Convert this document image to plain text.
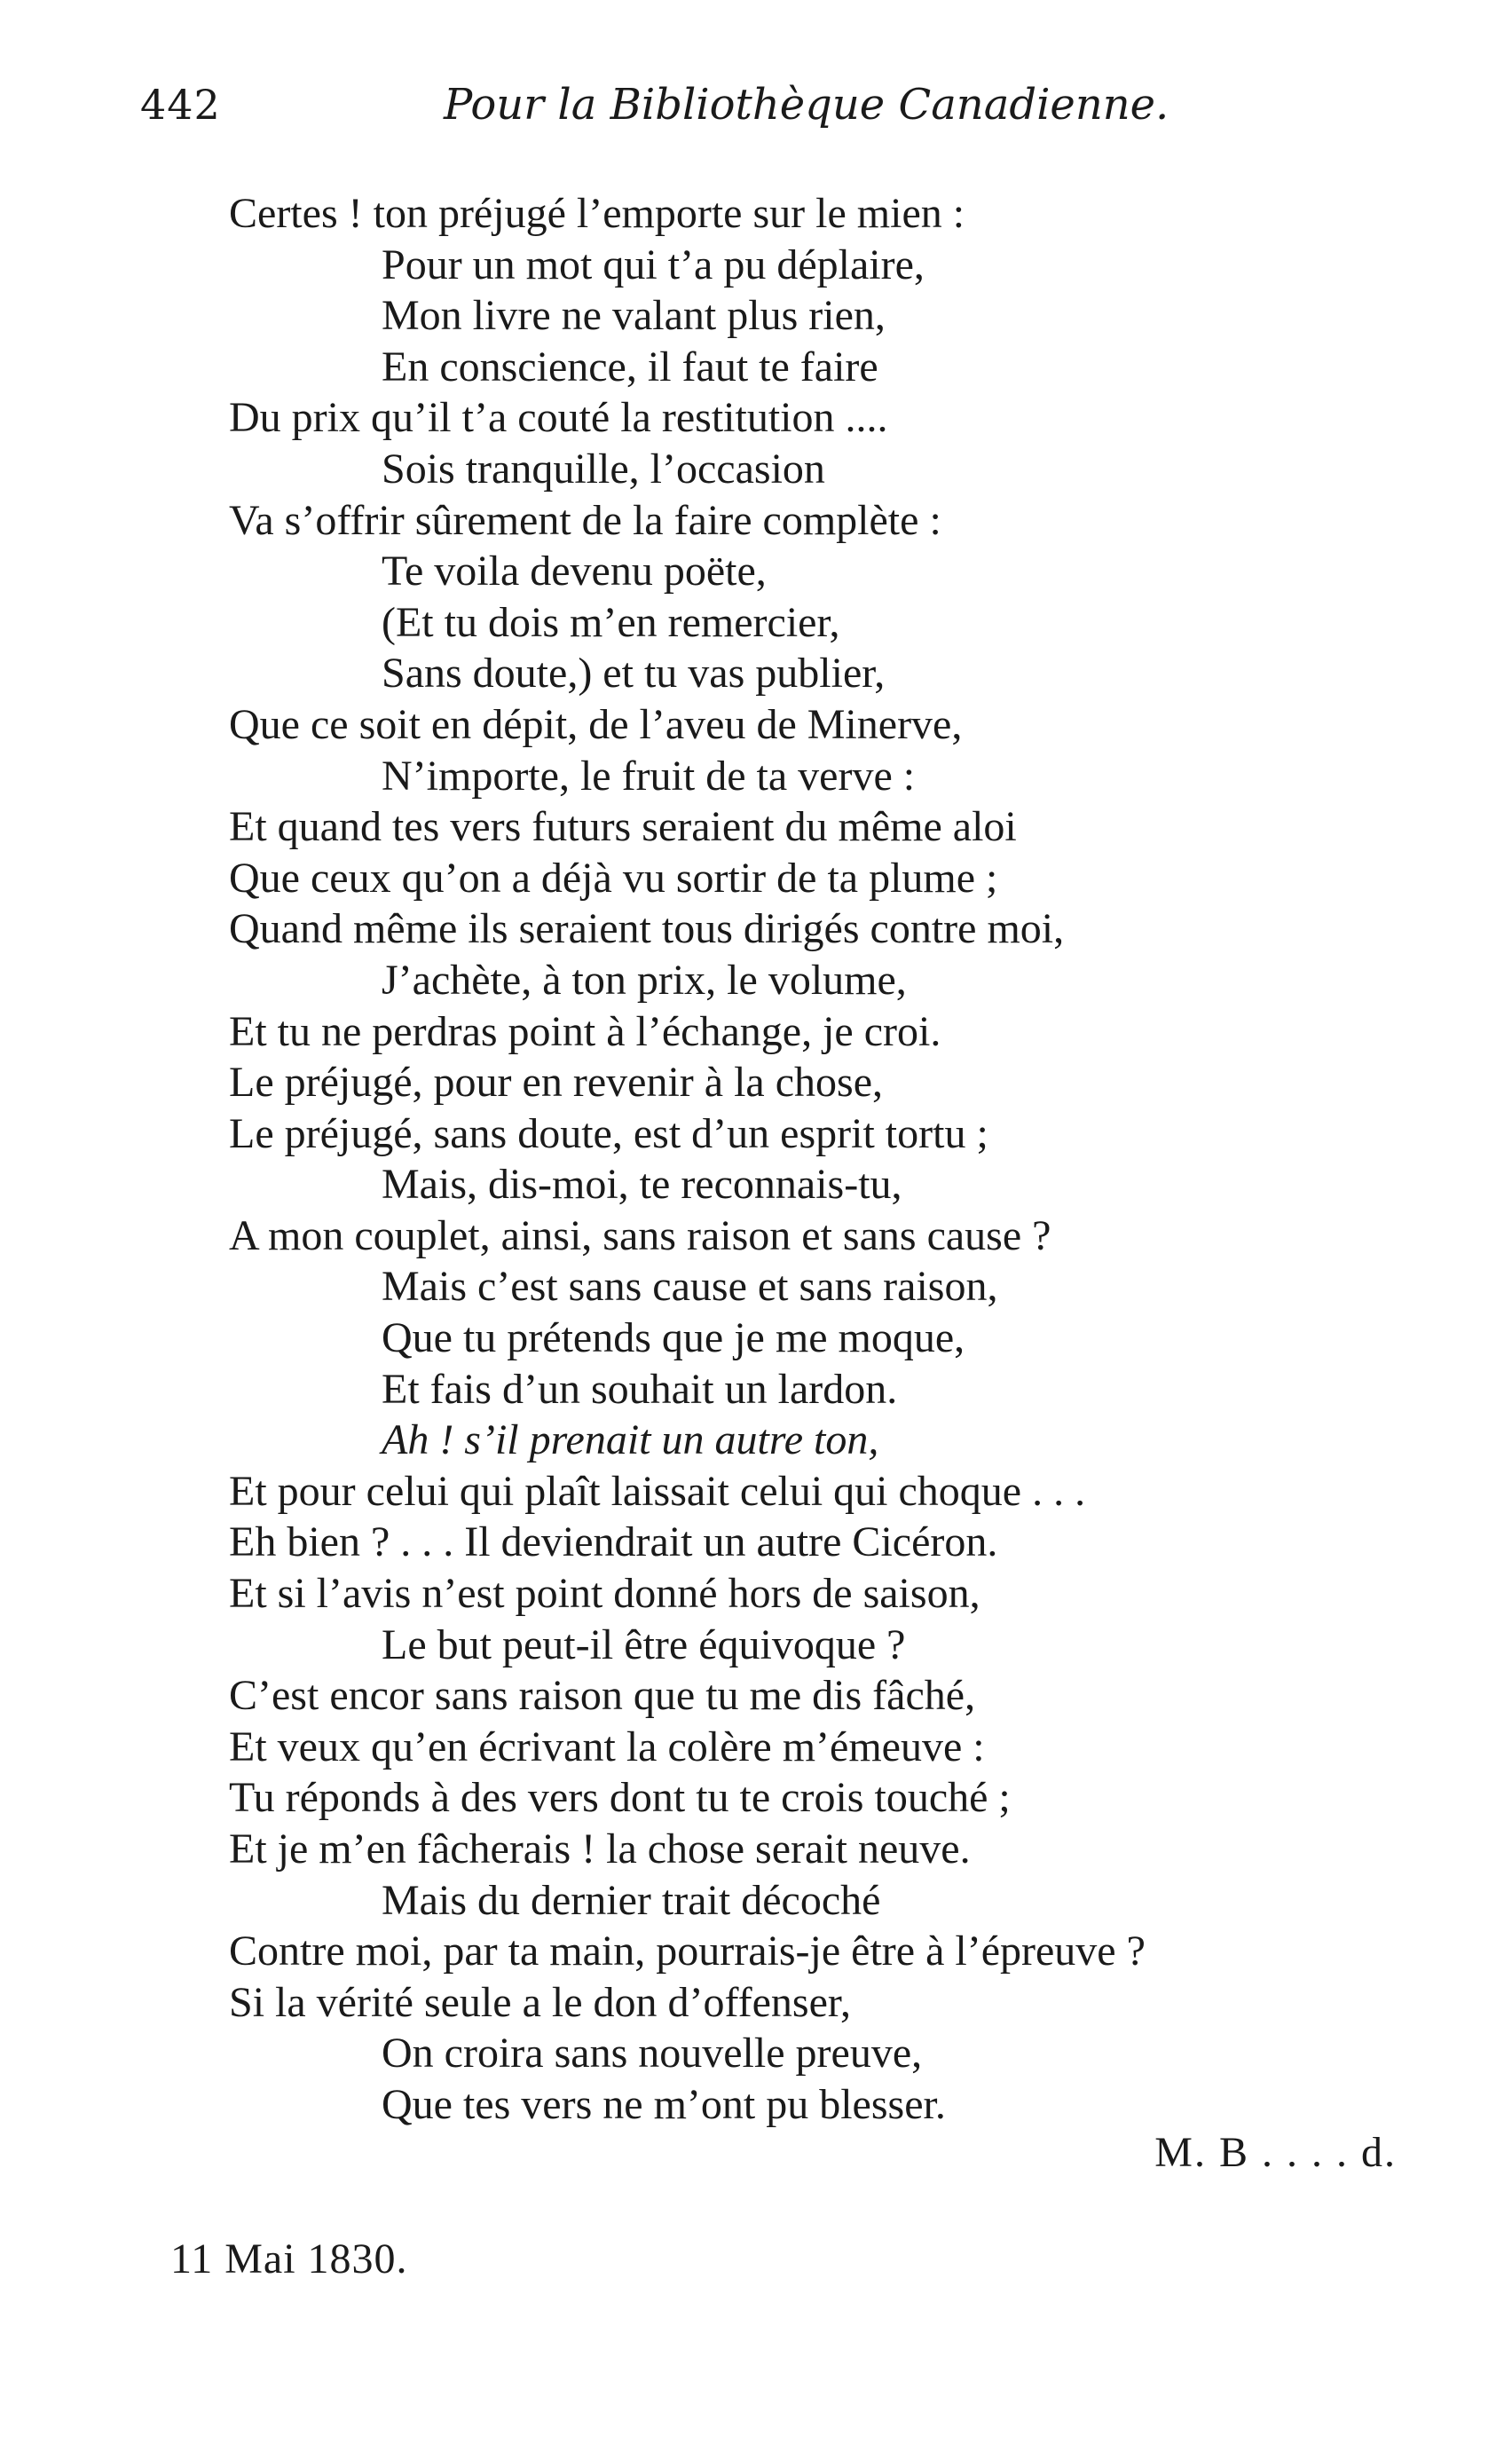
442	Pour la Bibliothèque Canadienne.
Certes ! ton préjugé l’emporte sur le mien :
Pour un mot qui t’a pu déplaire,
Mon livre ne valant plus rien,
En conscience, il faut te faire
Du prix qu’il t’a couté la restitution ....
Sois tranquille, l’occasion
Va s’offrir sûrement de la faire complète :
Te voila devenu poëte,
(Et tu dois m’en remercier,
Sans doute,) et tu vas publier,
Que ce soit en dépit, de l’aveu de Minerve,
N’importe, le fruit de ta verve :
Et quand tes vers futurs seraient du même aloi
Que ceux qu’on a déjà vu sortir de ta plume ;
Quand même ils seraient tous dirigés contre moi,
J’achète, à ton prix, le volume,
Et tu ne perdras point à l’échange, je croi.
Le préjugé, pour en revenir à la chose,
Le préjugé, sans doute, est d’un esprit tortu ;
Mais, dis-moi, te reconnais-tu,
A mon couplet, ainsi, sans raison et sans cause ?
Mais c’est sans cause et sans raison,
Que tu prétends que je me moque,
Et fais d’un souhait un lardon.
Ah ! s’il prenait un autre ton,
Et pour celui qui plaît laissait celui qui choque . . .
Eh bien ? . . . Il deviendrait un autre Cicéron.
Et si l’avis n’est point donné hors de saison,
Le but peut-il être équivoque ?
C’est encor sans raison que tu me dis fâché,
Et veux qu’en écrivant la colère m’émeuve :
Tu réponds à des vers dont tu te crois touché ;
Et je m’en fâcherais ! la chose serait neuve.
Mais du dernier trait décoché
Contre moi, par ta main, pourrais-je être à l’épreuve ?
Si la vérité seule a le don d’offenser,
On croira sans nouvelle preuve,
Que tes vers ne m’ont pu blesser.
M. B . . . . d.
11 Mai 1830.
